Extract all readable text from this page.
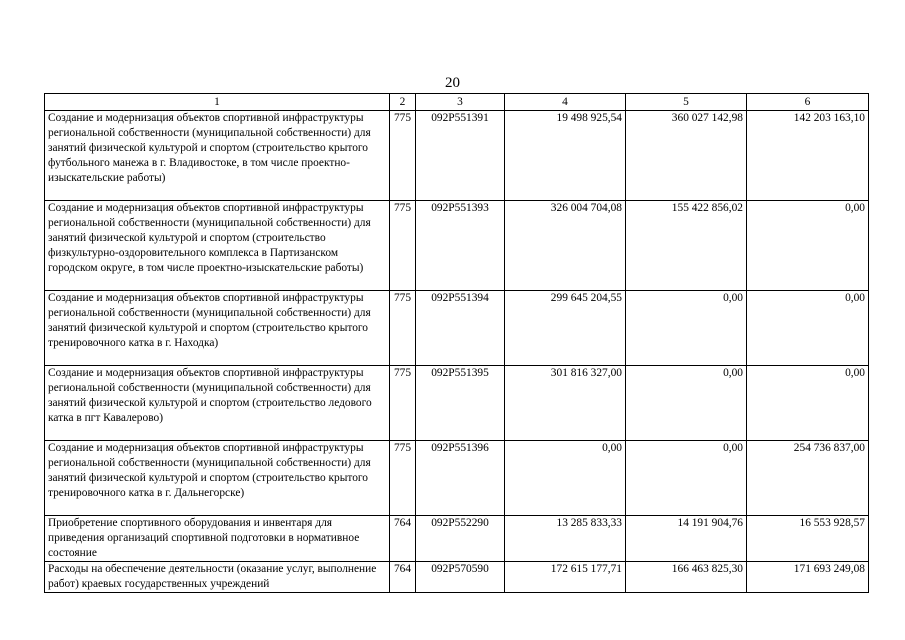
20
1	2	3	4	5	6
Создание и модернизация объектов спортивной инфраструктуры региональной собственности (муниципальной собственности) для занятий физической культурой и спортом (строительство крытого футбольного манежа в г. Владивостоке, в том числе проектно-изыскательские работы)	775	092P551391	19 498 925,54	360 027 142,98	142 203 163,10
Создание и модернизация объектов спортивной инфраструктуры региональной собственности (муниципальной собственности) для занятий физической культурой и спортом (строительство физкультурно-оздоровительного комплекса в Партизанском городском округе, в том числе проектно-изыскательские работы)	775	092P551393	326 004 704,08	155 422 856,02	0,00
Создание и модернизация объектов спортивной инфраструктуры региональной собственности (муниципальной собственности) для занятий физической культурой и спортом (строительство крытого тренировочного катка в г. Находка)	775	092P551394	299 645 204,55	0,00	0,00
Создание и модернизация объектов спортивной инфраструктуры региональной собственности (муниципальной собственности) для занятий физической культурой и спортом (строительство ледового катка в пгт Кавалерово)	775	092P551395	301 816 327,00	0,00	0,00
Создание и модернизация объектов спортивной инфраструктуры региональной собственности (муниципальной собственности) для занятий физической культурой и спортом (строительство крытого тренировочного катка в г. Дальнегорске)	775	092P551396	0,00	0,00	254 736 837,00
Приобретение спортивного оборудования и инвентаря для приведения организаций спортивной подготовки в нормативное состояние	764	092P552290	13 285 833,33	14 191 904,76	16 553 928,57
Расходы на обеспечение деятельности (оказание услуг, выполнение работ) краевых государственных учреждений	764	092P570590	172 615 177,71	166 463 825,30	171 693 249,08
